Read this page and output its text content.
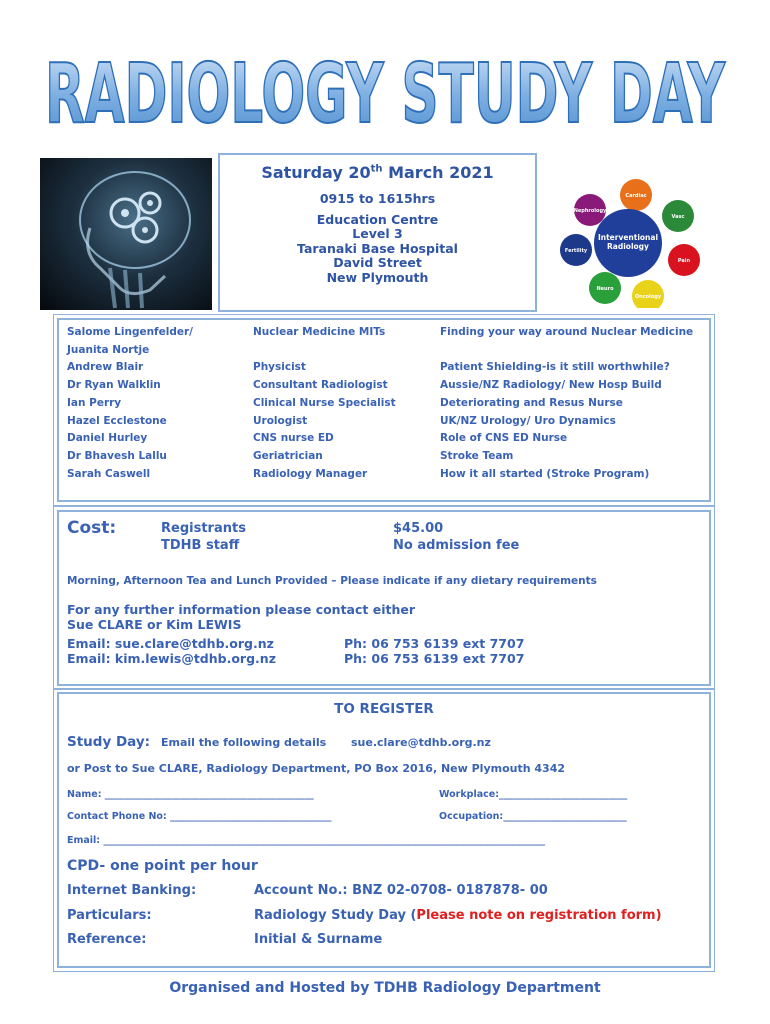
RADIOLOGY STUDY DAY
Saturday 20th March 2021
0915 to 1615hrs
Education Centre
Level 3
Taranaki Base Hospital
David Street
New Plymouth
Interventional Radiology
Cardiac
Vasc
Pain
Oncology
Neuro
Fertility
Nephrology
Salome Lingenfelder/	Nuclear Medicine MITs	Finding your way around Nuclear Medicine
Juanita Nortje
Andrew Blair	Physicist	Patient Shielding-is it still worthwhile?
Dr Ryan Walklin	Consultant Radiologist	Aussie/NZ Radiology/ New Hosp Build
Ian Perry	Clinical Nurse Specialist	Deteriorating and Resus Nurse
Hazel Ecclestone	Urologist	UK/NZ Urology/ Uro Dynamics
Daniel Hurley	CNS nurse ED	Role of CNS ED Nurse
Dr Bhavesh Lallu	Geriatrician	Stroke Team
Sarah Caswell	Radiology Manager	How it all started (Stroke Program)
Cost:	Registrants	$45.00
TDHB staff	No admission fee
Morning, Afternoon Tea and Lunch Provided – Please indicate if any dietary requirements
For any further information please contact either
Sue CLARE or Kim LEWIS
Email: sue.clare@tdhb.org.nz	Ph: 06 753 6139 ext 7707
Email: kim.lewis@tdhb.org.nz	Ph: 06 753 6139 ext 7707
TO REGISTER
Study Day: Email the following details sue.clare@tdhb.org.nz
or Post to Sue CLARE, Radiology Department, PO Box 2016, New Plymouth 4342
Name: ____________________________________________	Workplace:___________________________
Contact Phone No: __________________________________	Occupation:__________________________
Email: _____________________________________________________________________________________________
CPD- one point per hour
Internet Banking:	Account No.: BNZ 02-0708- 0187878- 00
Particulars:	Radiology Study Day (Please note on registration form)
Reference:	Initial & Surname
Organised and Hosted by TDHB Radiology Department
